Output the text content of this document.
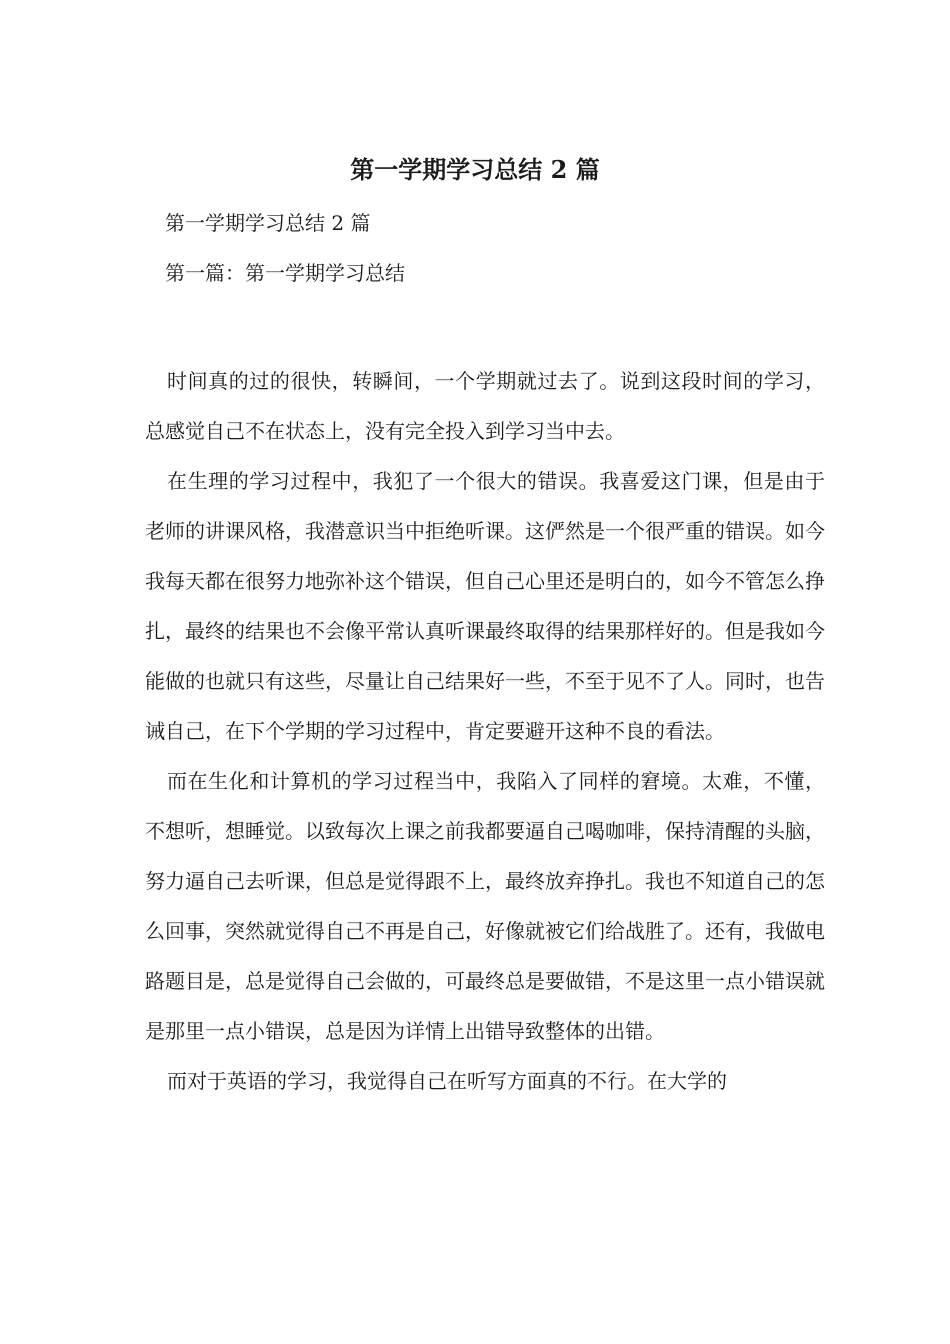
第一学期学习总结 2 篇
第一学期学习总结 2 篇
第一篇：第一学期学习总结

时间真的过的很快，转瞬间，一个学期就过去了。说到这段时间的学习，总感觉自己不在状态上，没有完全投入到学习当中去。

在生理的学习过程中，我犯了一个很大的错误。我喜爱这门课，但是由于老师的讲课风格，我潜意识当中拒绝听课。这俨然是一个很严重的错误。如今我每天都在很努力地弥补这个错误，但自己心里还是明白的，如今不管怎么挣扎，最终的结果也不会像平常认真听课最终取得的结果那样好的。但是我如今能做的也就只有这些，尽量让自己结果好一些，不至于见不了人。同时，也告诫自己，在下个学期的学习过程中，肯定要避开这种不良的看法。

而在生化和计算机的学习过程当中，我陷入了同样的窘境。太难，不懂，不想听，想睡觉。以致每次上课之前我都要逼自己喝咖啡，保持清醒的头脑，努力逼自己去听课，但总是觉得跟不上，最终放弃挣扎。我也不知道自己的怎么回事，突然就觉得自己不再是自己，好像就被它们给战胜了。还有，我做电路题目是，总是觉得自己会做的，可最终总是要做错，不是这里一点小错误就是那里一点小错误，总是因为详情上出错导致整体的出错。

而对于英语的学习，我觉得自己在听写方面真的不行。在大学的
